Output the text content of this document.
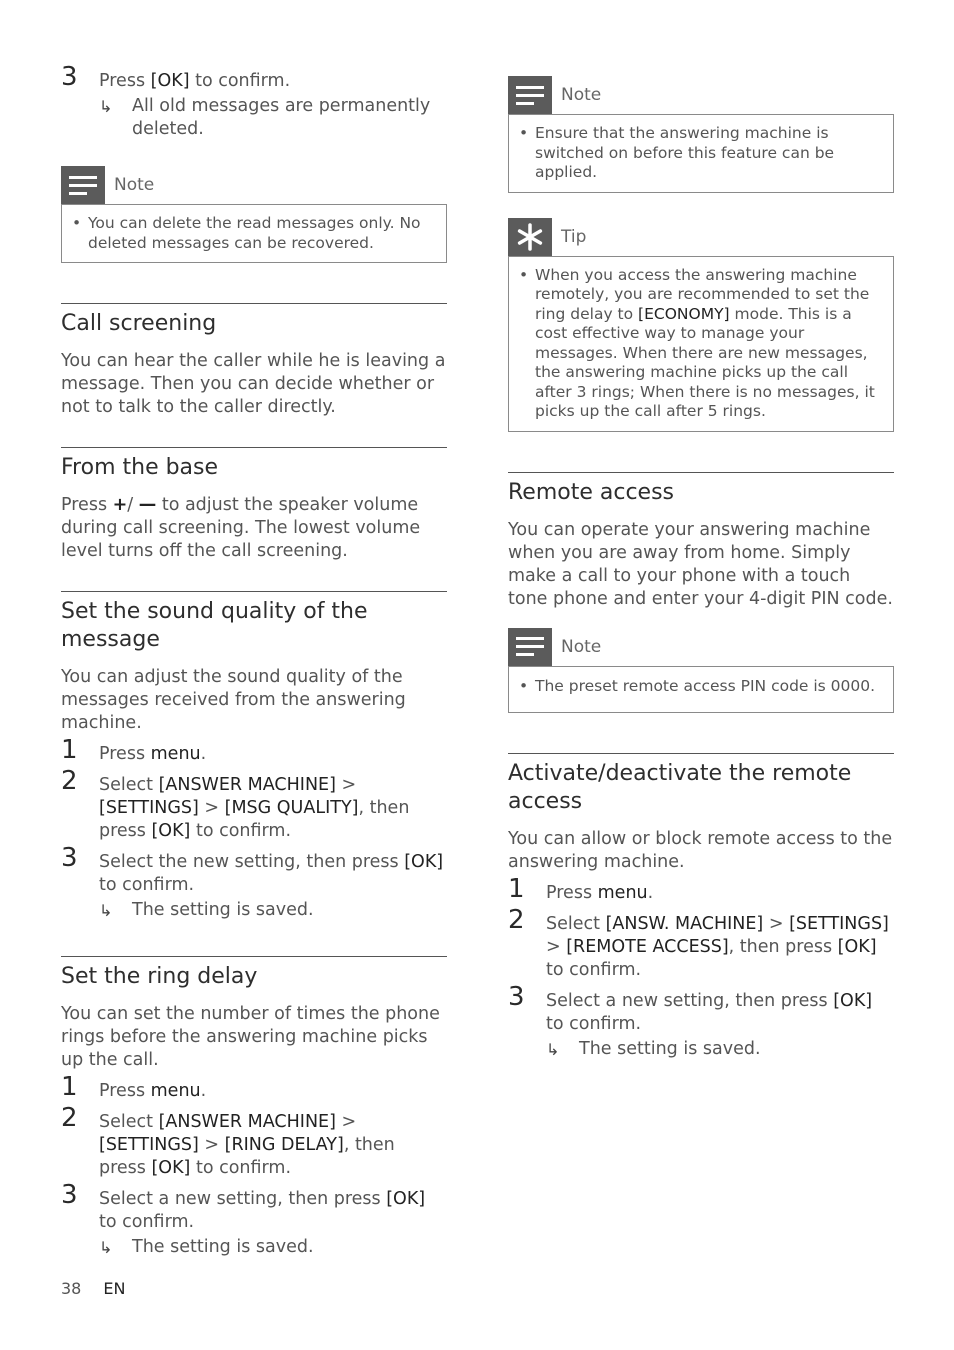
3 Press [OK] to confirm.
↳ All old messages are permanently deleted.
Note
• You can delete the read messages only. No deleted messages can be recovered.
Call screening

You can hear the caller while he is leaving a message. Then you can decide whether or not to talk to the caller directly.

From the base

Press +/ — to adjust the speaker volume during call screening. The lowest volume level turns off the call screening.

Set the sound quality of the message

You can adjust the sound quality of the messages received from the answering machine.

1 Press menu.
2 Select [ANSWER MACHINE] > [SETTINGS] > [MSG QUALITY], then press [OK] to confirm.
3 Select the new setting, then press [OK] to confirm.
↳ The setting is saved.
Set the ring delay

You can set the number of times the phone rings before the answering machine picks up the call.

1 Press menu.
2 Select [ANSWER MACHINE] > [SETTINGS] > [RING DELAY], then press [OK] to confirm.
3 Select a new setting, then press [OK] to confirm.
↳ The setting is saved.
Note
• Ensure that the answering machine is switched on before this feature can be applied.
Tip
• When you access the answering machine remotely, you are recommended to set the ring delay to [ECONOMY] mode. This is a cost effective way to manage your messages. When there are new messages, the answering machine picks up the call after 3 rings; When there is no messages, it picks up the call after 5 rings.
Remote access

You can operate your answering machine when you are away from home. Simply make a call to your phone with a touch tone phone and enter your 4-digit PIN code.

Note
• The preset remote access PIN code is 0000.
Activate/deactivate the remote access

You can allow or block remote access to the answering machine.

1 Press menu.
2 Select [ANSW. MACHINE] > [SETTINGS] > [REMOTE ACCESS], then press [OK] to confirm.
3 Select a new setting, then press [OK] to confirm.
↳ The setting is saved.
38 EN
